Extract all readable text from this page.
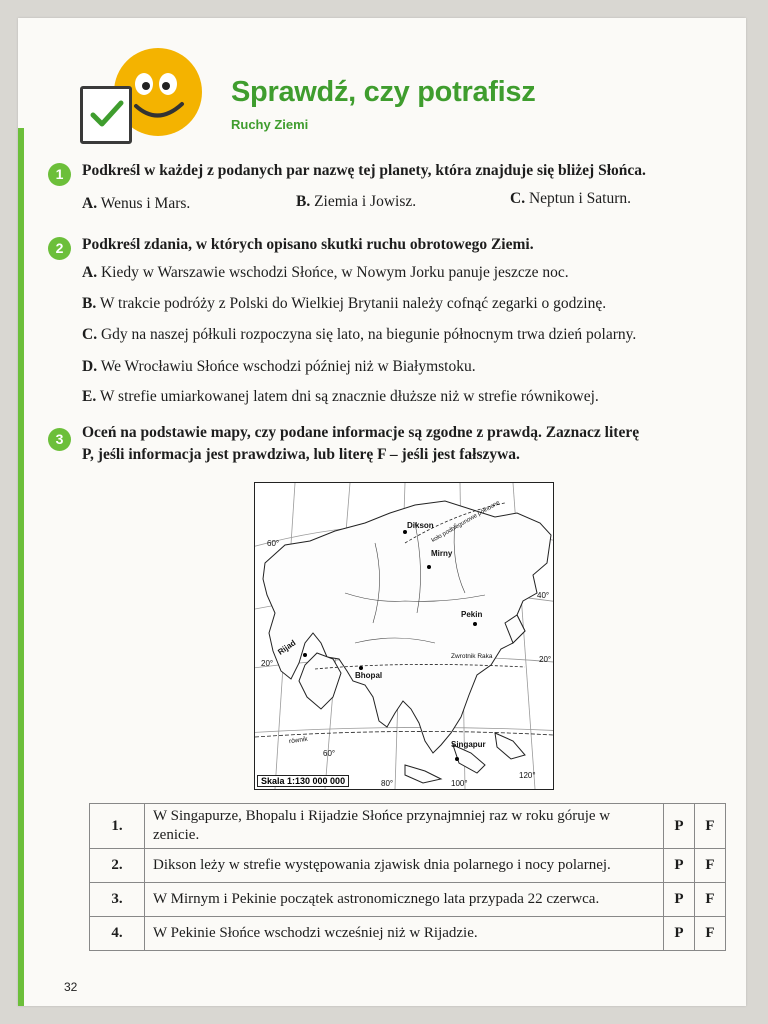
Sprawdź, czy potrafisz
Ruchy Ziemi
1	Podkreśl w każdej z podanych par nazwę tej planety, która znajduje się bliżej Słońca.
A. Wenus i Mars.	B. Ziemia i Jowisz.	C. Neptun i Saturn.
2	Podkreśl zdania, w których opisano skutki ruchu obrotowego Ziemi.
A. Kiedy w Warszawie wschodzi Słońce, w Nowym Jorku panuje jeszcze noc.
B. W trakcie podróży z Polski do Wielkiej Brytanii należy cofnąć zegarki o godzinę.
C. Gdy na naszej półkuli rozpoczyna się lato, na biegunie północnym trwa dzień polarny.
D. We Wrocławiu Słońce wschodzi później niż w Białymstoku.
E. W strefie umiarkowanej latem dni są znacznie dłuższe niż w strefie równikowej.
3	Oceń na podstawie mapy, czy podane informacje są zgodne z prawdą. Zaznacz literę
P, jeśli informacja jest prawdziwa, lub literę F – jeśli jest fałszywa.
Dikson
Mirny
Pekin
Rijad
Bhopal
Singapur
koło podbiegunowe północne
Zwrotnik Raka
równik
60°
40°
20°	20°
60°
80°	100°
120°
Skala 1:130 000 000
1.	W Singapurze, Bhopalu i Rijadzie Słońce przynajmniej raz w roku góruje w zenicie.	P	F
2.	Dikson leży w strefie występowania zjawisk dnia polarnego i nocy polarnej.	P	F
3.	W Mirnym i Pekinie początek astronomicznego lata przypada 22 czerwca.	P	F
4.	W Pekinie Słońce wschodzi wcześniej niż w Rijadzie.	P	F
32
